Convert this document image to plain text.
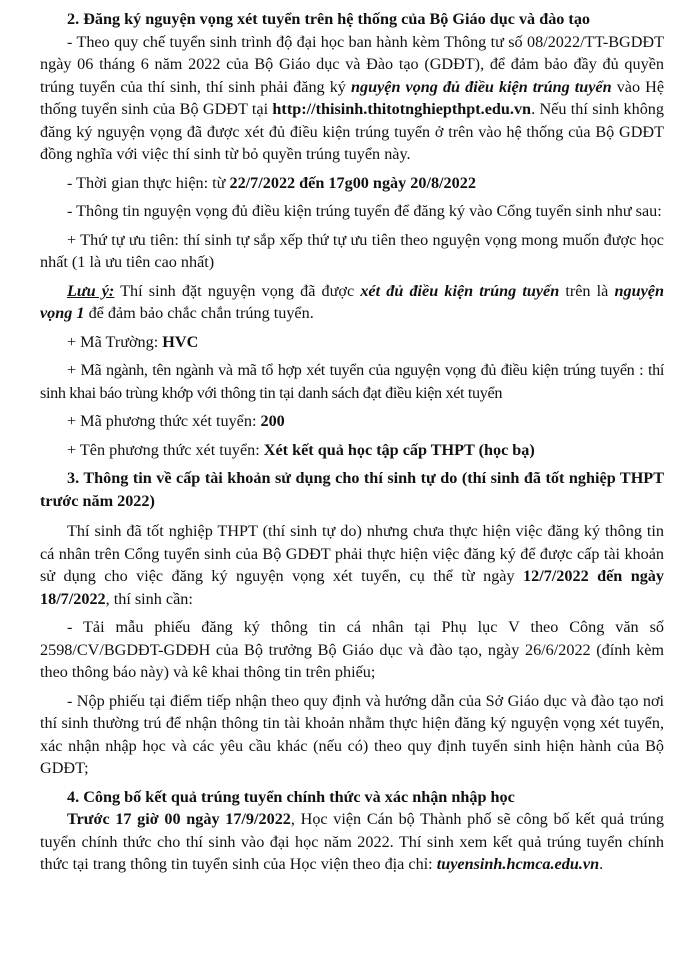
2. Đăng ký nguyện vọng xét tuyển trên hệ thống của Bộ Giáo dục và đào tạo

- Theo quy chế tuyển sinh trình độ đại học ban hành kèm Thông tư số 08/2022/TT-BGDĐT ngày 06 tháng 6 năm 2022 của Bộ Giáo dục và Đào tạo (GDĐT), để đảm bảo đầy đủ quyền trúng tuyển của thí sinh, thí sinh phải đăng ký nguyện vọng đủ điều kiện trúng tuyển vào Hệ thống tuyển sinh của Bộ GDĐT tại http://thisinh.thitotnghiepthpt.edu.vn. Nếu thí sinh không đăng ký nguyện vọng đã được xét đủ điều kiện trúng tuyển ở trên vào hệ thống của Bộ GDĐT đồng nghĩa với việc thí sinh từ bỏ quyền trúng tuyển này.

- Thời gian thực hiện: từ 22/7/2022 đến 17g00 ngày 20/8/2022

- Thông tin nguyện vọng đủ điều kiện trúng tuyển để đăng ký vào Cổng tuyển sinh như sau:

+ Thứ tự ưu tiên: thí sinh tự sắp xếp thứ tự ưu tiên theo nguyện vọng mong muốn được học nhất (1 là ưu tiên cao nhất)

Lưu ý: Thí sinh đặt nguyện vọng đã được xét đủ điều kiện trúng tuyển trên là nguyện vọng 1 để đảm bảo chắc chắn trúng tuyển.

+ Mã Trường: HVC

+ Mã ngành, tên ngành và mã tổ hợp xét tuyển của nguyện vọng đủ điều kiện trúng tuyển : thí sinh khai báo trùng khớp với thông tin tại danh sách đạt điều kiện xét tuyển

+ Mã phương thức xét tuyển: 200

+ Tên phương thức xét tuyển: Xét kết quả học tập cấp THPT (học bạ)

3. Thông tin về cấp tài khoản sử dụng cho thí sinh tự do (thí sinh đã tốt nghiệp THPT trước năm 2022)

Thí sinh đã tốt nghiệp THPT (thí sinh tự do) nhưng chưa thực hiện việc đăng ký thông tin cá nhân trên Cổng tuyển sinh của Bộ GDĐT phải thực hiện việc đăng ký để được cấp tài khoản sử dụng cho việc đăng ký nguyện vọng xét tuyển, cụ thể từ ngày 12/7/2022 đến ngày 18/7/2022, thí sinh cần:

- Tải mẫu phiếu đăng ký thông tin cá nhân tại Phụ lục V theo Công văn số 2598/CV/BGDĐT-GDĐH của Bộ trưởng Bộ Giáo dục và đào tạo, ngày 26/6/2022 (đính kèm theo thông báo này) và kê khai thông tin trên phiếu;

- Nộp phiếu tại điểm tiếp nhận theo quy định và hướng dẫn của Sở Giáo dục và đào tạo nơi thí sinh thường trú để nhận thông tin tài khoản nhằm thực hiện đăng ký nguyện vọng xét tuyển, xác nhận nhập học và các yêu cầu khác (nếu có) theo quy định tuyển sinh hiện hành của Bộ GDĐT;

4. Công bố kết quả trúng tuyển chính thức và xác nhận nhập học

Trước 17 giờ 00 ngày 17/9/2022, Học viện Cán bộ Thành phố sẽ công bố kết quả trúng tuyển chính thức cho thí sinh vào đại học năm 2022. Thí sinh xem kết quả trúng tuyển chính thức tại trang thông tin tuyển sinh của Học viện theo địa chỉ: tuyensinh.hcmca.edu.vn.
